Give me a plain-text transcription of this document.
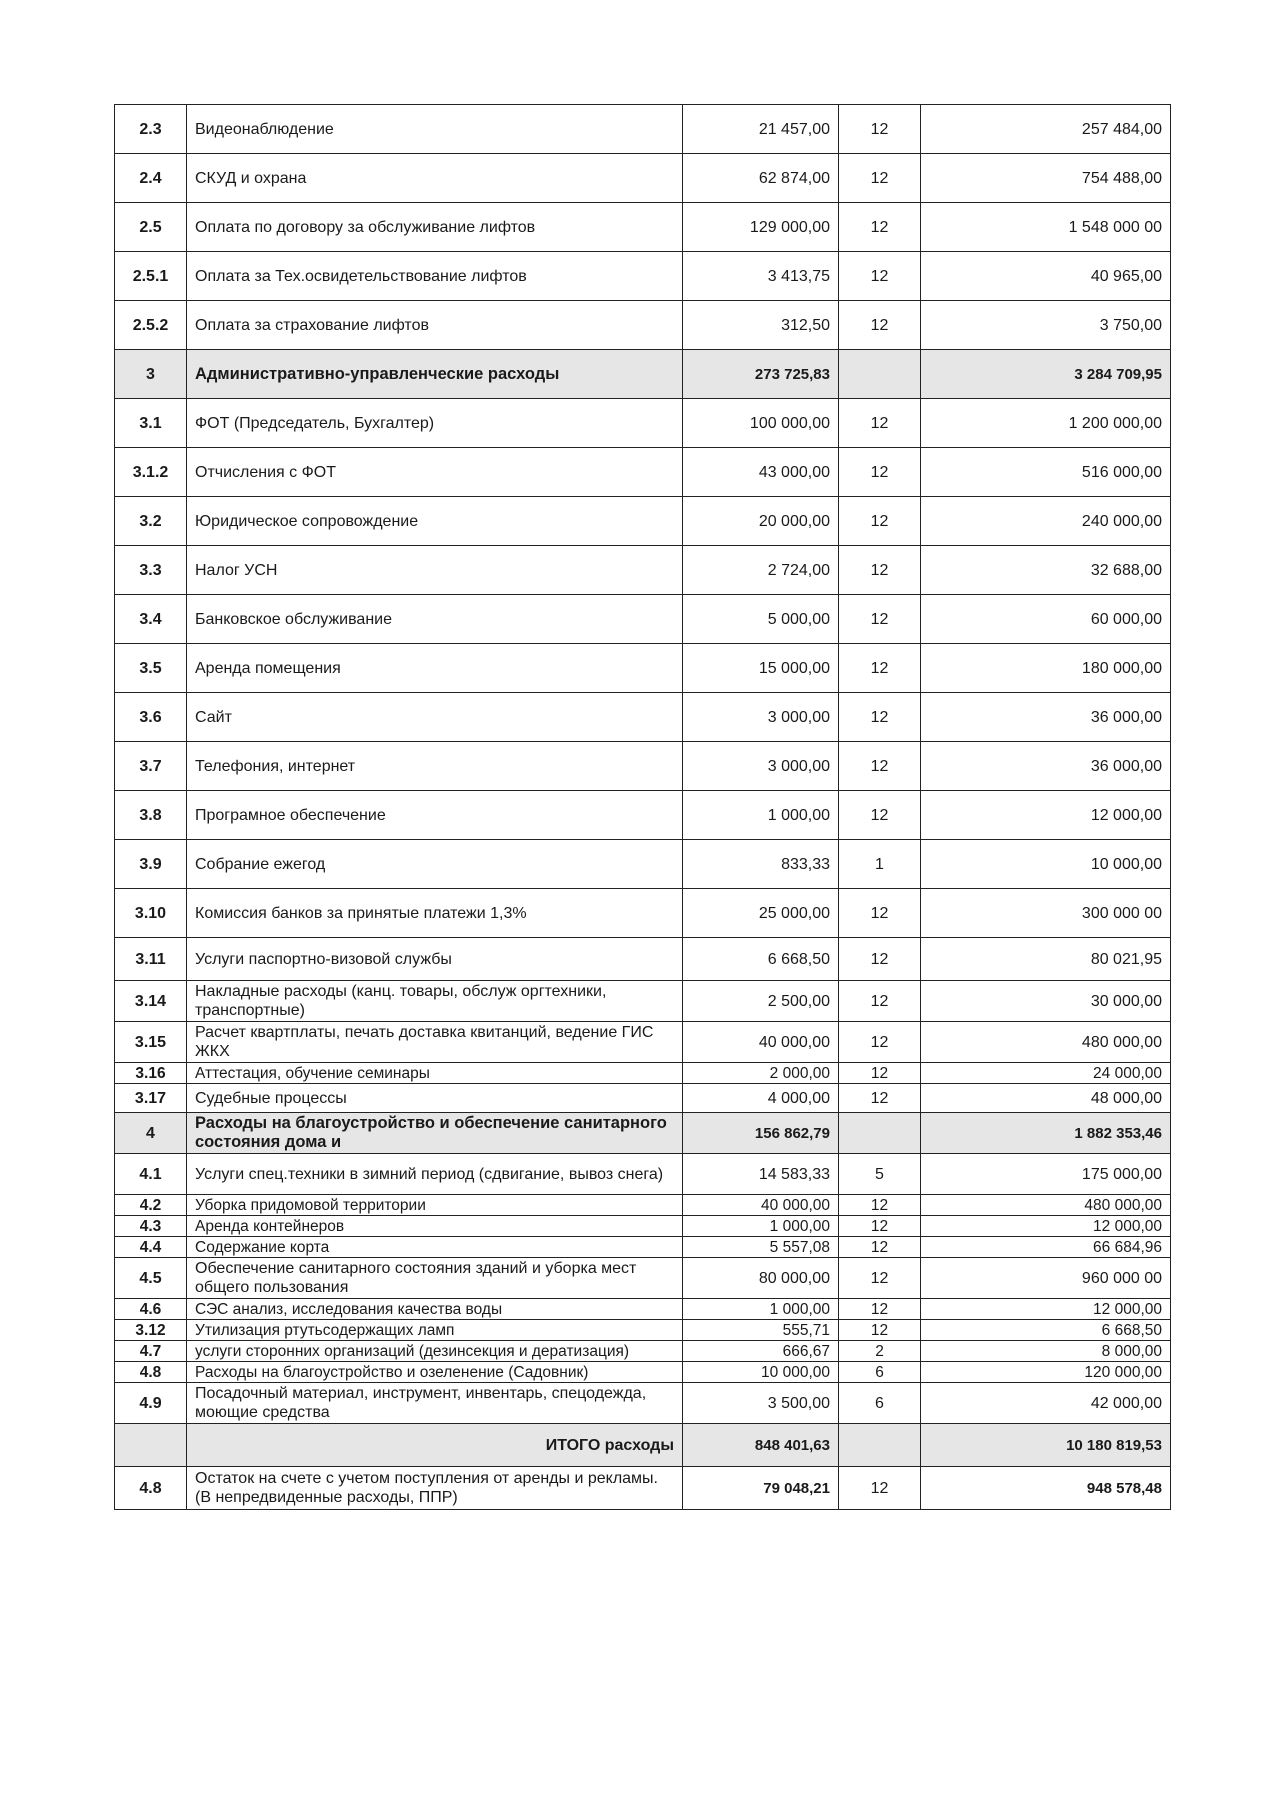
2.3	Видеонаблюдение	21 457,00	12	257 484,00
2.4	СКУД и охрана	62 874,00	12	754 488,00
2.5	Оплата по договору за обслуживание лифтов	129 000,00	12	1 548 000 00
2.5.1	Оплата за Тех.освидетельствование лифтов	3 413,75	12	40 965,00
2.5.2	Оплата за страхование лифтов	312,50	12	3 750,00
3	Административно-управленческие расходы	273 725,83		3 284 709,95
3.1	ФОТ (Председатель, Бухгалтер)	100 000,00	12	1 200 000,00
3.1.2	Отчисления с ФОТ	43 000,00	12	516 000,00
3.2	Юридическое сопровождение	20 000,00	12	240 000,00
3.3	Налог УСН	2 724,00	12	32 688,00
3.4	Банковское обслуживание	5 000,00	12	60 000,00
3.5	Аренда помещения	15 000,00	12	180 000,00
3.6	Сайт	3 000,00	12	36 000,00
3.7	Телефония, интернет	3 000,00	12	36 000,00
3.8	Програмное обеспечение	1 000,00	12	12 000,00
3.9	Собрание ежегод	833,33	1	10 000,00
3.10	Комиссия банков за принятые платежи 1,3%	25 000,00	12	300 000 00
3.11	Услуги паспортно-визовой службы	6 668,50	12	80 021,95
3.14	Накладные расходы (канц. товары, обслуж оргтехники, транспортные)	2 500,00	12	30 000,00
3.15	Расчет квартплаты, печать доставка квитанций, ведение ГИС ЖКХ	40 000,00	12	480 000,00
3.16	Аттестация, обучение семинары	2 000,00	12	24 000,00
3.17	Судебные процессы	4 000,00	12	48 000,00
4	Расходы на благоустройство и обеспечение санитарного состояния дома и	156 862,79		1 882 353,46
4.1	Услуги спец.техники в зимний период (сдвигание, вывоз снега)	14 583,33	5	175 000,00
4.2	Уборка придомовой территории	40 000,00	12	480 000,00
4.3	Аренда контейнеров	1 000,00	12	12 000,00
4.4	Содержание корта	5 557,08	12	66 684,96
4.5	Обеспечение санитарного состояния зданий и уборка мест общего пользования	80 000,00	12	960 000 00
4.6	СЭС анализ, исследования качества воды	1 000,00	12	12 000,00
3.12	Утилизация ртутьсодержащих ламп	555,71	12	6 668,50
4.7	услуги сторонних организаций (дезинсекция и дератизация)	666,67	2	8 000,00
4.8	Расходы на благоустройство и озеленение (Садовник)	10 000,00	6	120 000,00
4.9	Посадочный материал, инструмент, инвентарь, спецодежда, моющие средства	3 500,00	6	42 000,00
	ИТОГО расходы	848 401,63		10 180 819,53
4.8	Остаток на счете с учетом поступления от аренды и рекламы. (В непредвиденные расходы, ППР)	79 048,21	12	948 578,48
